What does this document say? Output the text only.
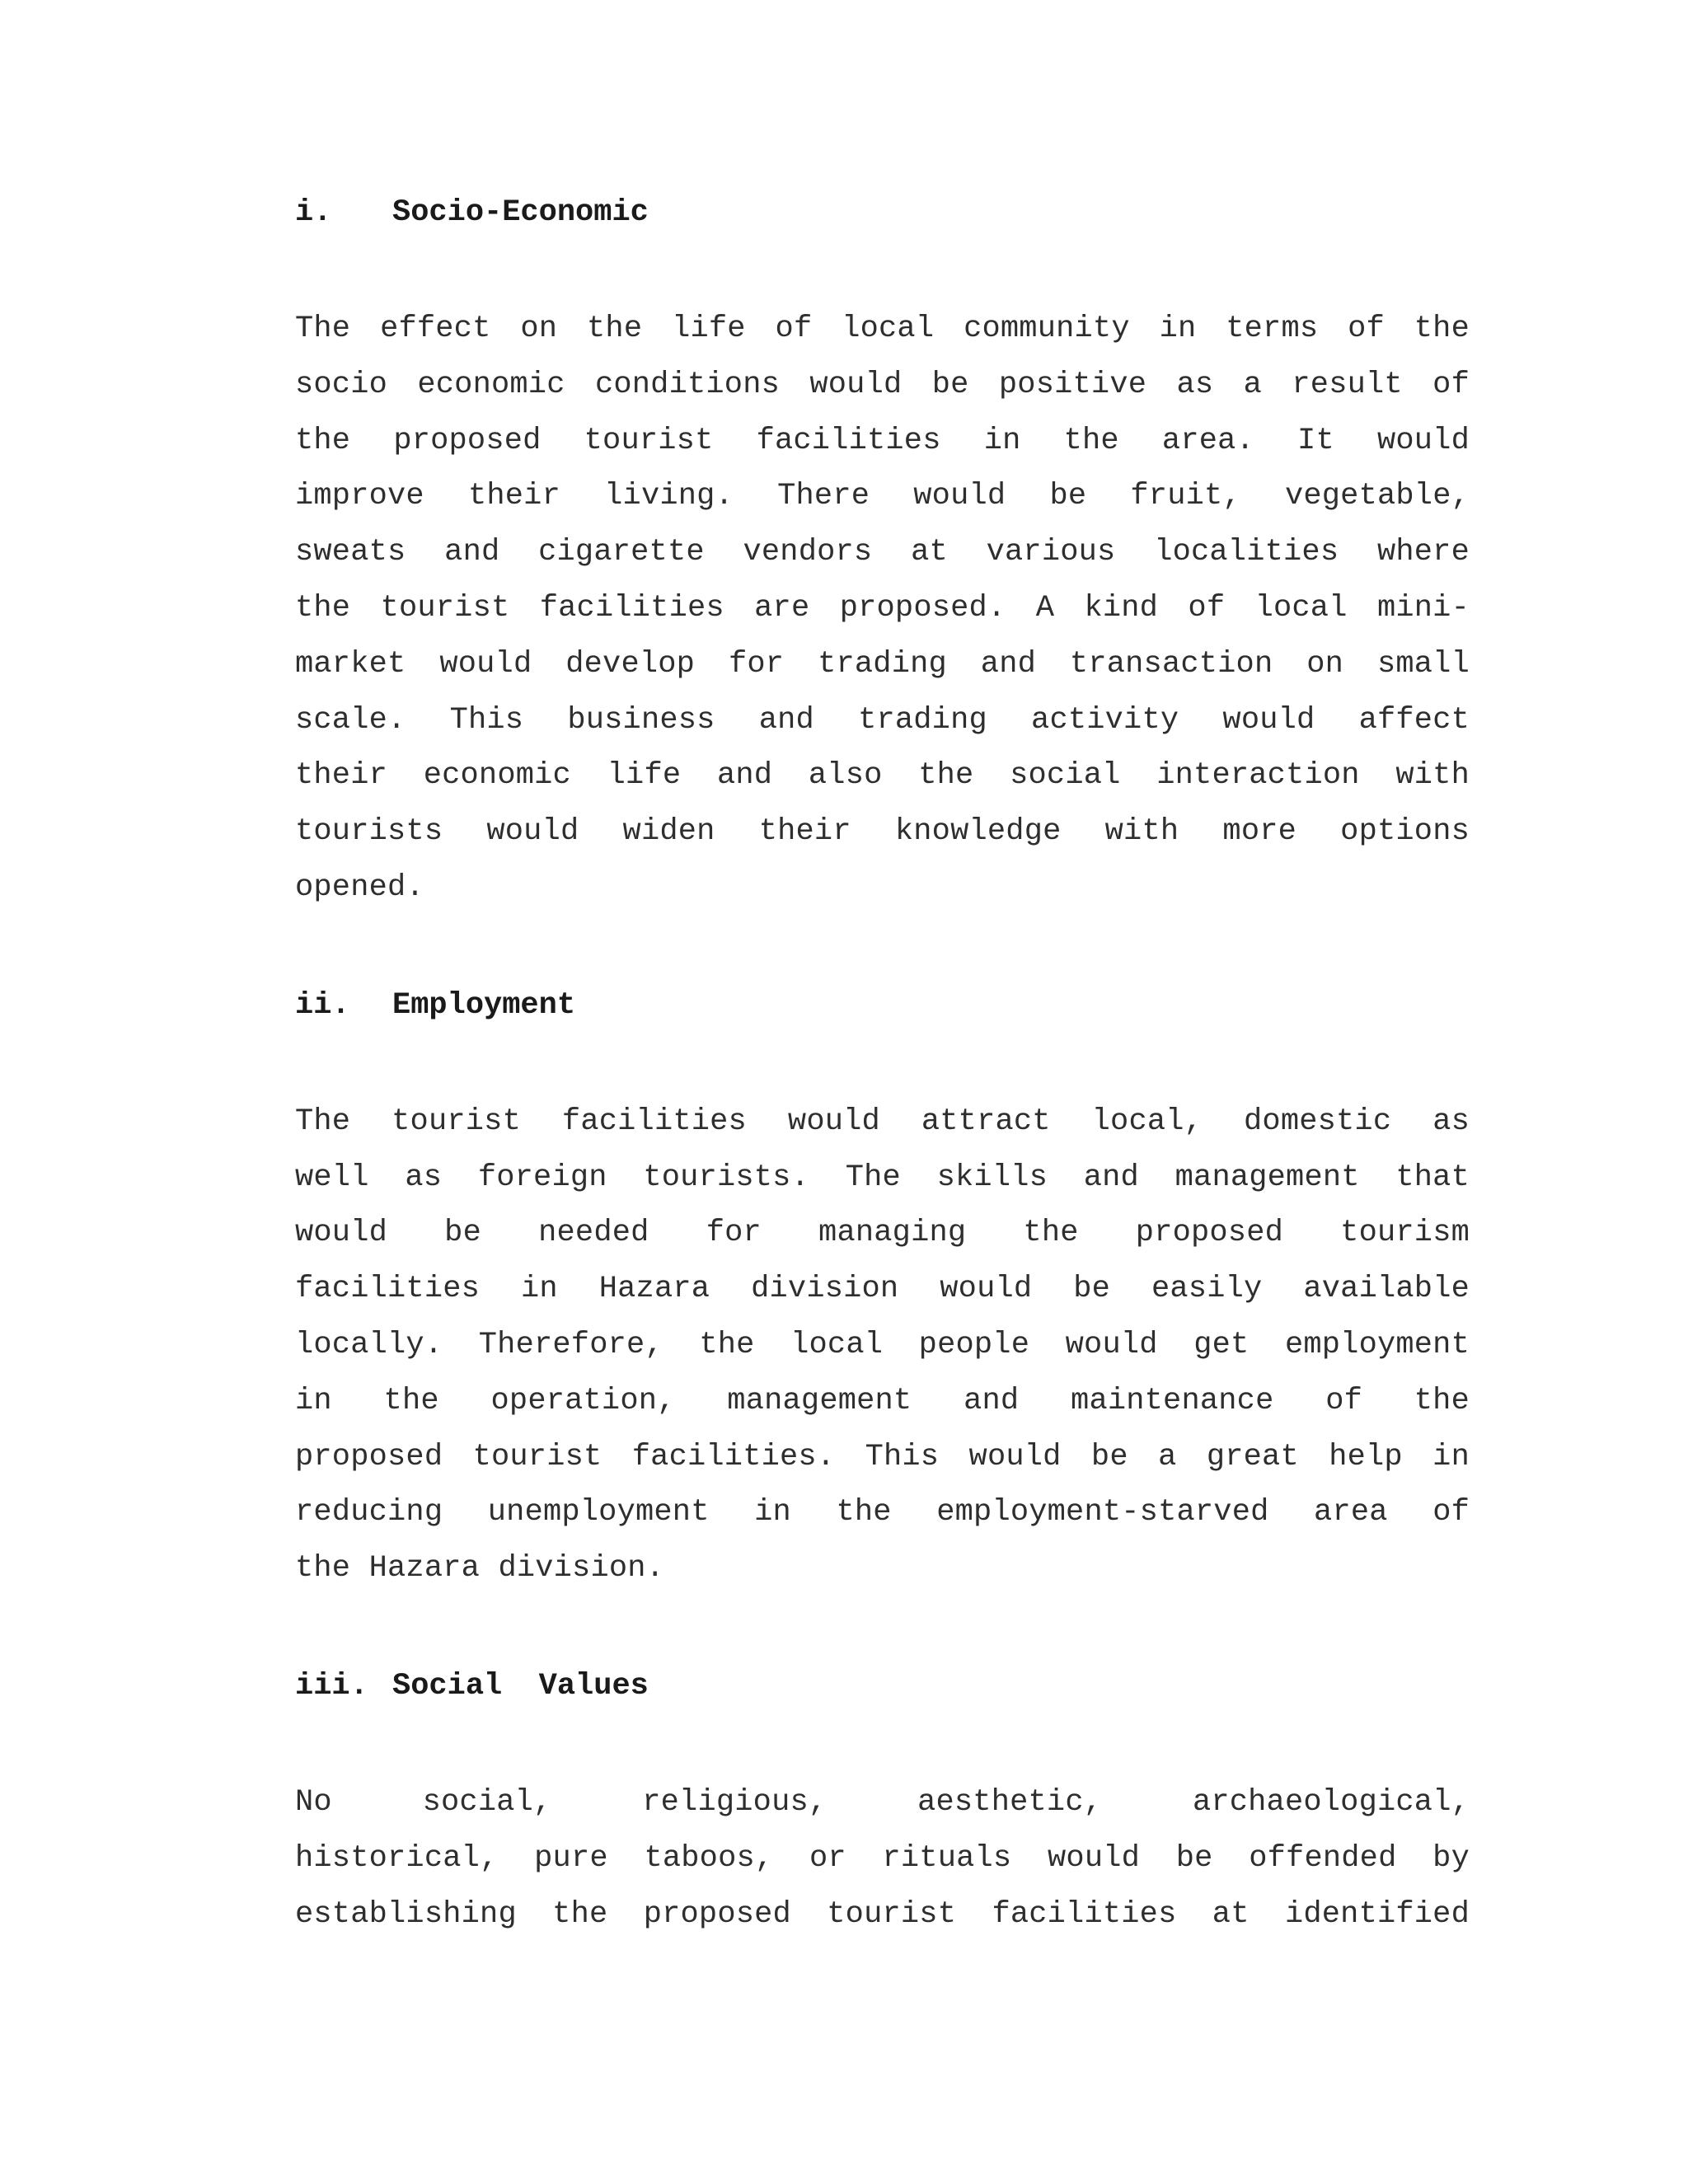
i. Socio-Economic
The effect on the life of local community in terms of the
socio economic conditions would be positive as a result of
the proposed tourist facilities in the area. It would
improve their living. There would be fruit, vegetable,
sweats and cigarette vendors at various localities where
the tourist facilities are proposed. A kind of local mini-
market would develop for trading and transaction on small
scale. This business and trading activity would affect
their economic life and also the social interaction with
tourists would widen their knowledge with more options
opened.
ii. Employment
The tourist facilities would attract local, domestic as
well as foreign tourists. The skills and management that
would be needed for managing the proposed tourism
facilities in Hazara division would be easily available
locally. Therefore, the local people would get employment
in the operation, management and maintenance of the
proposed tourist facilities. This would be a great help in
reducing unemployment in the employment-starved area of
the Hazara division.
iii. Social  Values
No social, religious, aesthetic, archaeological,
historical, pure taboos, or rituals would be offended by
establishing the proposed tourist facilities at identified
